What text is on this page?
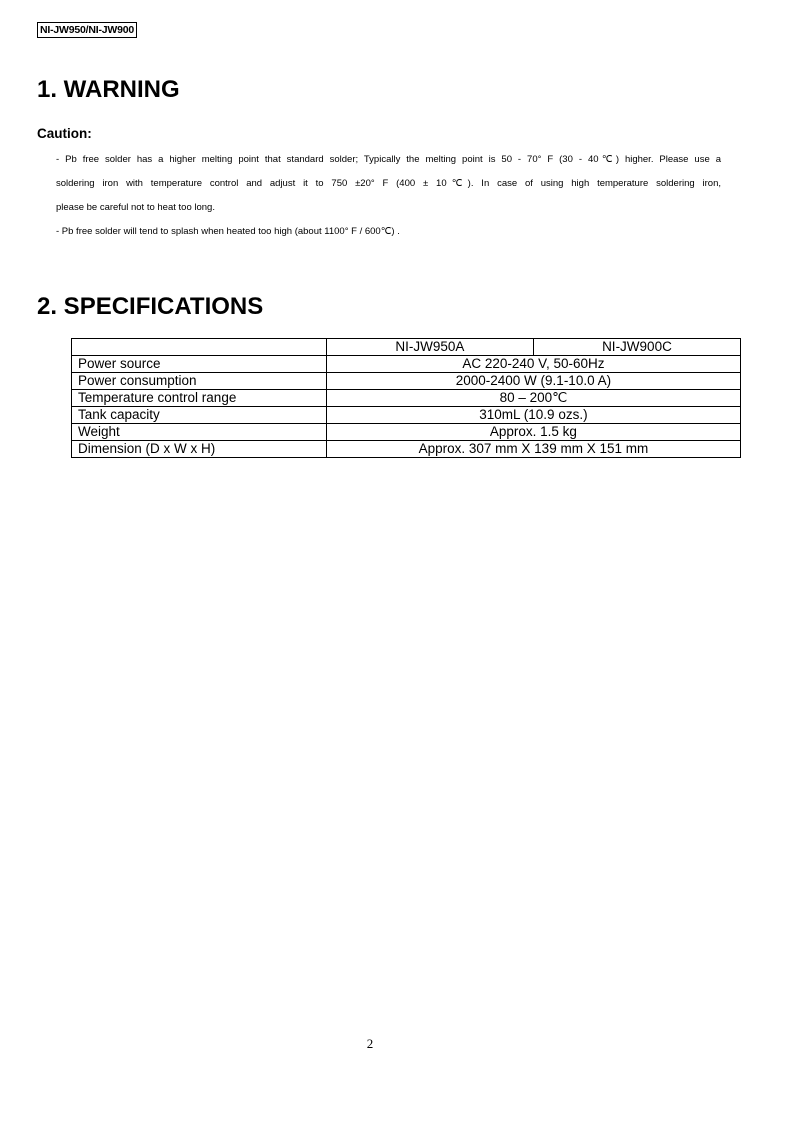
NI-JW950/NI-JW900
1. WARNING
Caution:
- Pb free solder has a higher melting point that standard solder; Typically the melting point is 50 - 70° F (30 - 40℃) higher. Please use a
soldering iron with temperature control and adjust it to 750 ±20° F (400 ± 10℃). In case of using high temperature soldering iron,
please be careful not to heat too long.
- Pb free solder will tend to splash when heated too high (about 1100° F / 600℃) .
2. SPECIFICATIONS
	NI-JW950A	NI-JW900C
Power source	AC 220-240 V, 50-60Hz	
Power consumption	2000-2400 W (9.1-10.0 A)	
Temperature control range	80 – 200℃	
Tank capacity	310mL (10.9 ozs.)	
Weight	Approx. 1.5 kg	
Dimension (D x W x H)	Approx. 307 mm X 139 mm X 151 mm	
2
